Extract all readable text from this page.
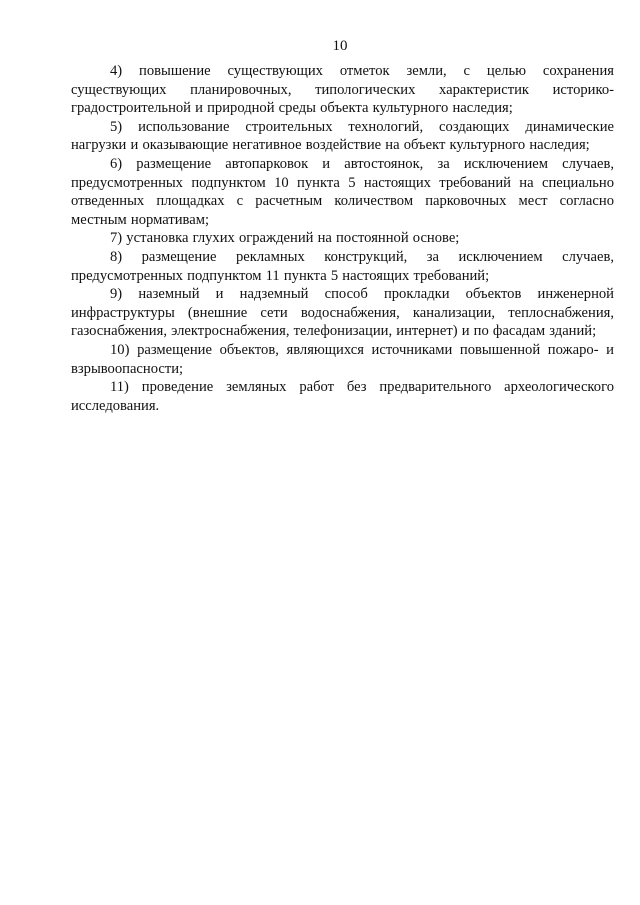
10

4) повышение существующих отметок земли, с целью сохранения существующих планировочных, типологических характеристик историко-градостроительной и природной среды объекта культурного наследия;

5) использование строительных технологий, создающих динамические нагрузки и оказывающие негативное воздействие на объект культурного наследия;

6) размещение автопарковок и автостоянок, за исключением случаев, предусмотренных подпунктом 10 пункта 5 настоящих требований на специально отведенных площадках с расчетным количеством парковочных мест согласно местным нормативам;

7) установка глухих ограждений на постоянной основе;

8) размещение рекламных конструкций, за исключением случаев, предусмотренных подпунктом 11 пункта 5 настоящих требований;

9) наземный и надземный способ прокладки объектов инженерной инфраструктуры (внешние сети водоснабжения, канализации, теплоснабжения, газоснабжения, электроснабжения, телефонизации, интернет) и по фасадам зданий;

10) размещение объектов, являющихся источниками повышенной пожаро- и взрывоопасности;

11) проведение земляных работ без предварительного археологического исследования.
